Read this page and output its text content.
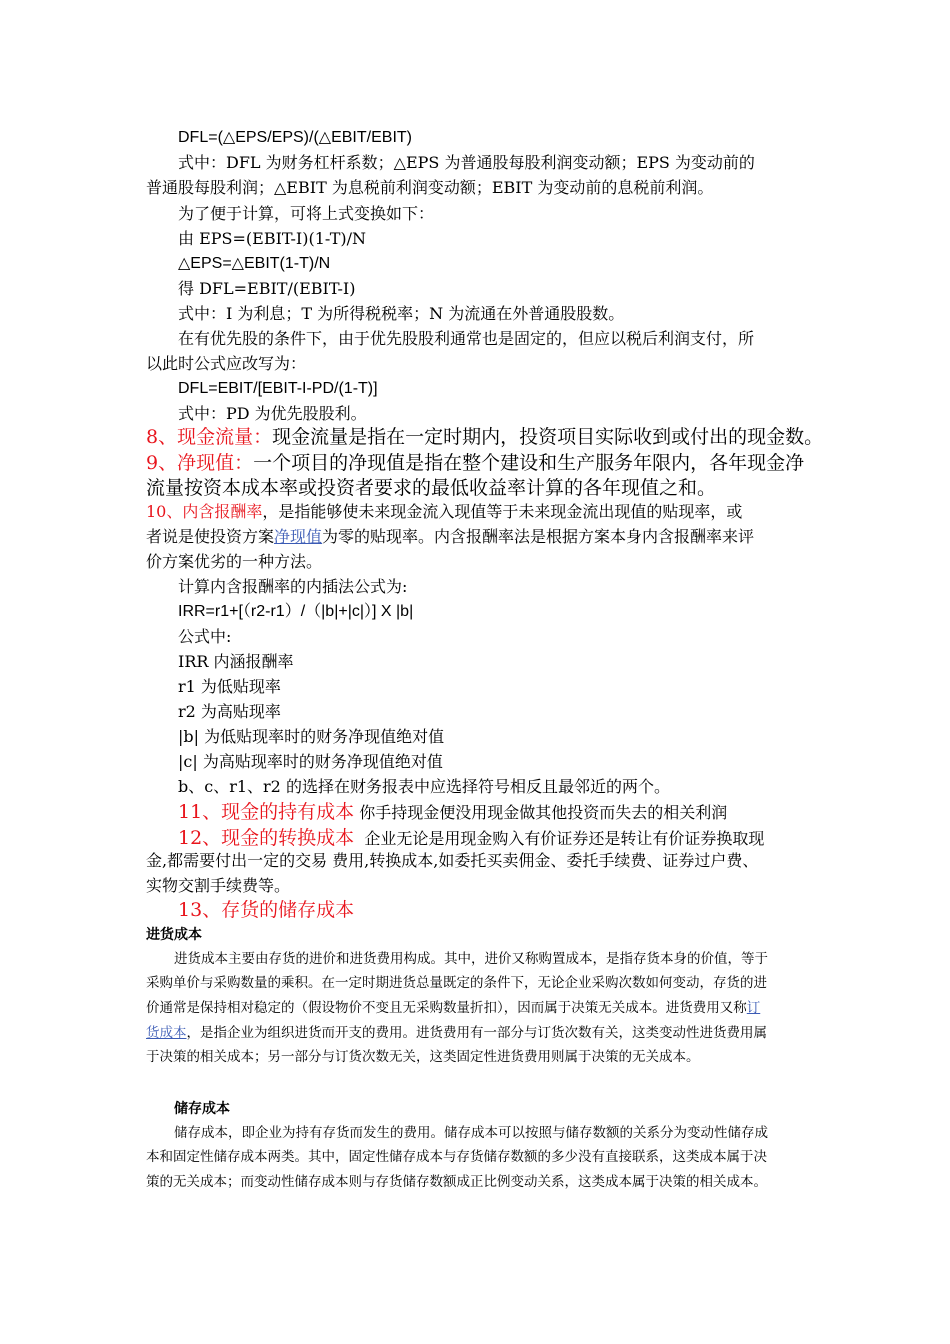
DFL=(△EPS/EPS)/(△EBIT/EBIT)
式中：DFL 为财务杠杆系数；△EPS 为普通股每股利润变动额；EPS 为变动前的
普通股每股利润；△EBIT 为息税前利润变动额；EBIT 为变动前的息税前利润。
为了便于计算，可将上式变换如下：
由 EPS=(EBIT-I)(1-T)/N
△EPS=△EBIT(1-T)/N
得 DFL=EBIT/(EBIT-I)
式中：I 为利息；T 为所得税税率；N 为流通在外普通股股数。
在有优先股的条件下，由于优先股股利通常也是固定的，但应以税后利润支付，所
以此时公式应改写为：
DFL=EBIT/[EBIT-I-PD/(1-T)]
式中：PD 为优先股股利。
8、现金流量：现金流量是指在一定时期内，投资项目实际收到或付出的现金数。
9、净现值：一个项目的净现值是指在整个建设和生产服务年限内，各年现金净
流量按资本成本率或投资者要求的最低收益率计算的各年现值之和。
10、内含报酬率，是指能够使未来现金流入现值等于未来现金流出现值的贴现率，或
者说是使投资方案净现值为零的贴现率。内含报酬率法是根据方案本身内含报酬率来评
价方案优劣的一种方法。
计算内含报酬率的内插法公式为:
IRR=r1+[（r2-r1）/（|b|+|c|）] X |b|
公式中:
IRR 内涵报酬率
r1 为低贴现率
r2 为高贴现率
|b| 为低贴现率时的财务净现值绝对值
|c| 为高贴现率时的财务净现值绝对值
b、c、r1、r2 的选择在财务报表中应选择符号相反且最邻近的两个。
11、现金的持有成本 你手持现金便没用现金做其他投资而失去的相关利润
12、现金的转换成本 企业无论是用现金购入有价证券还是转让有价证券换取现
金,都需要付出一定的交易 费用,转换成本,如委托买卖佣金、委托手续费、证券过户费、
实物交割手续费等。
13、存货的储存成本
进货成本
进货成本主要由存货的进价和进货费用构成。其中，进价又称购置成本，是指存货本身的价值，等于
采购单价与采购数量的乘积。在一定时期进货总量既定的条件下，无论企业采购次数如何变动，存货的进
价通常是保持相对稳定的（假设物价不变且无采购数量折扣），因而属于决策无关成本。进货费用又称订
货成本，是指企业为组织进货而开支的费用。进货费用有一部分与订货次数有关，这类变动性进货费用属
于决策的相关成本；另一部分与订货次数无关，这类固定性进货费用则属于决策的无关成本。
储存成本
储存成本，即企业为持有存货而发生的费用。储存成本可以按照与储存数额的关系分为变动性储存成
本和固定性储存成本两类。其中，固定性储存成本与存货储存数额的多少没有直接联系，这类成本属于决
策的无关成本；而变动性储存成本则与存货储存数额成正比例变动关系，这类成本属于决策的相关成本。
